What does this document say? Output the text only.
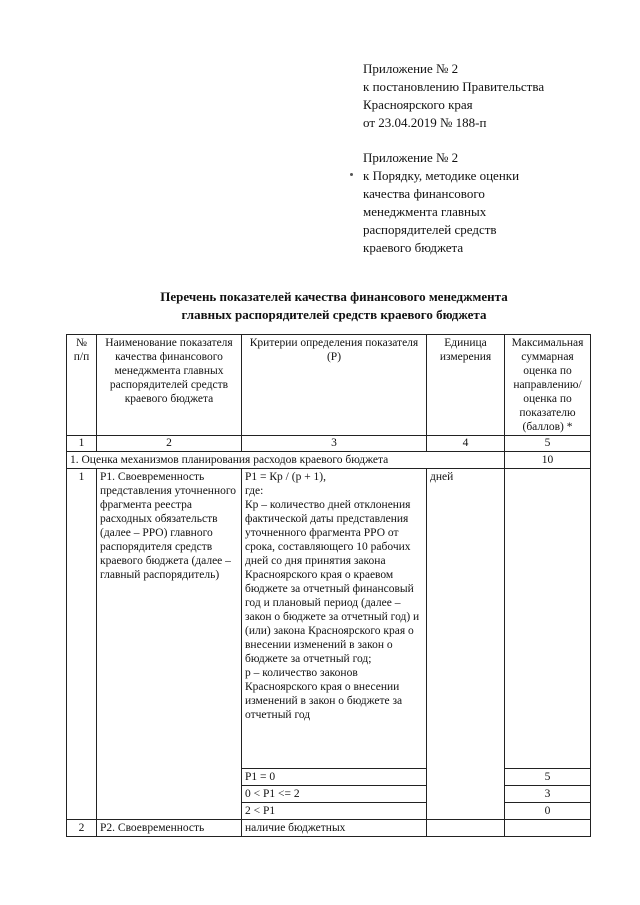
Приложение № 2
к постановлению Правительства
Красноярского края
от 23.04.2019 № 188-п
Приложение № 2
к Порядку, методике оценки
качества финансового
менеджмента главных
распорядителей средств
краевого бюджета
Перечень показателей качества финансового менеджмента
главных распорядителей средств краевого бюджета
№ п/п	Наименование показателя качества финансового менеджмента главных распорядителей средств краевого бюджета	Критерии определения показателя (Р)	Единица измерения	Максимальная суммарная оценка по направлению/ оценка по показателю (баллов) *
1	2	3	4	5
1. Оценка механизмов планирования расходов краевого бюджета				10
1	Р1. Своевременность представления уточненного фрагмента реестра расходных обязательств (далее – РРО) главного распорядителя средств краевого бюджета (далее – главный распорядитель)	Р1 = Кр / (р + 1),
где:
Кр – количество дней отклонения фактической даты представления уточненного фрагмента РРО от срока, составляющего 10 рабочих дней со дня принятия закона Красноярского края о краевом бюджете за отчетный финансовый год и плановый период (далее – закон о бюджете за отчетный год) и (или) закона Красноярского края о внесении изменений в закон о бюджете за отчетный год;
р – количество законов Красноярского края о внесении изменений в закон о бюджете за отчетный год	дней	
		Р1 = 0		5
		0 < Р1 <= 2		3
		2 < Р1		0
2	Р2. Своевременность	наличие бюджетных		
